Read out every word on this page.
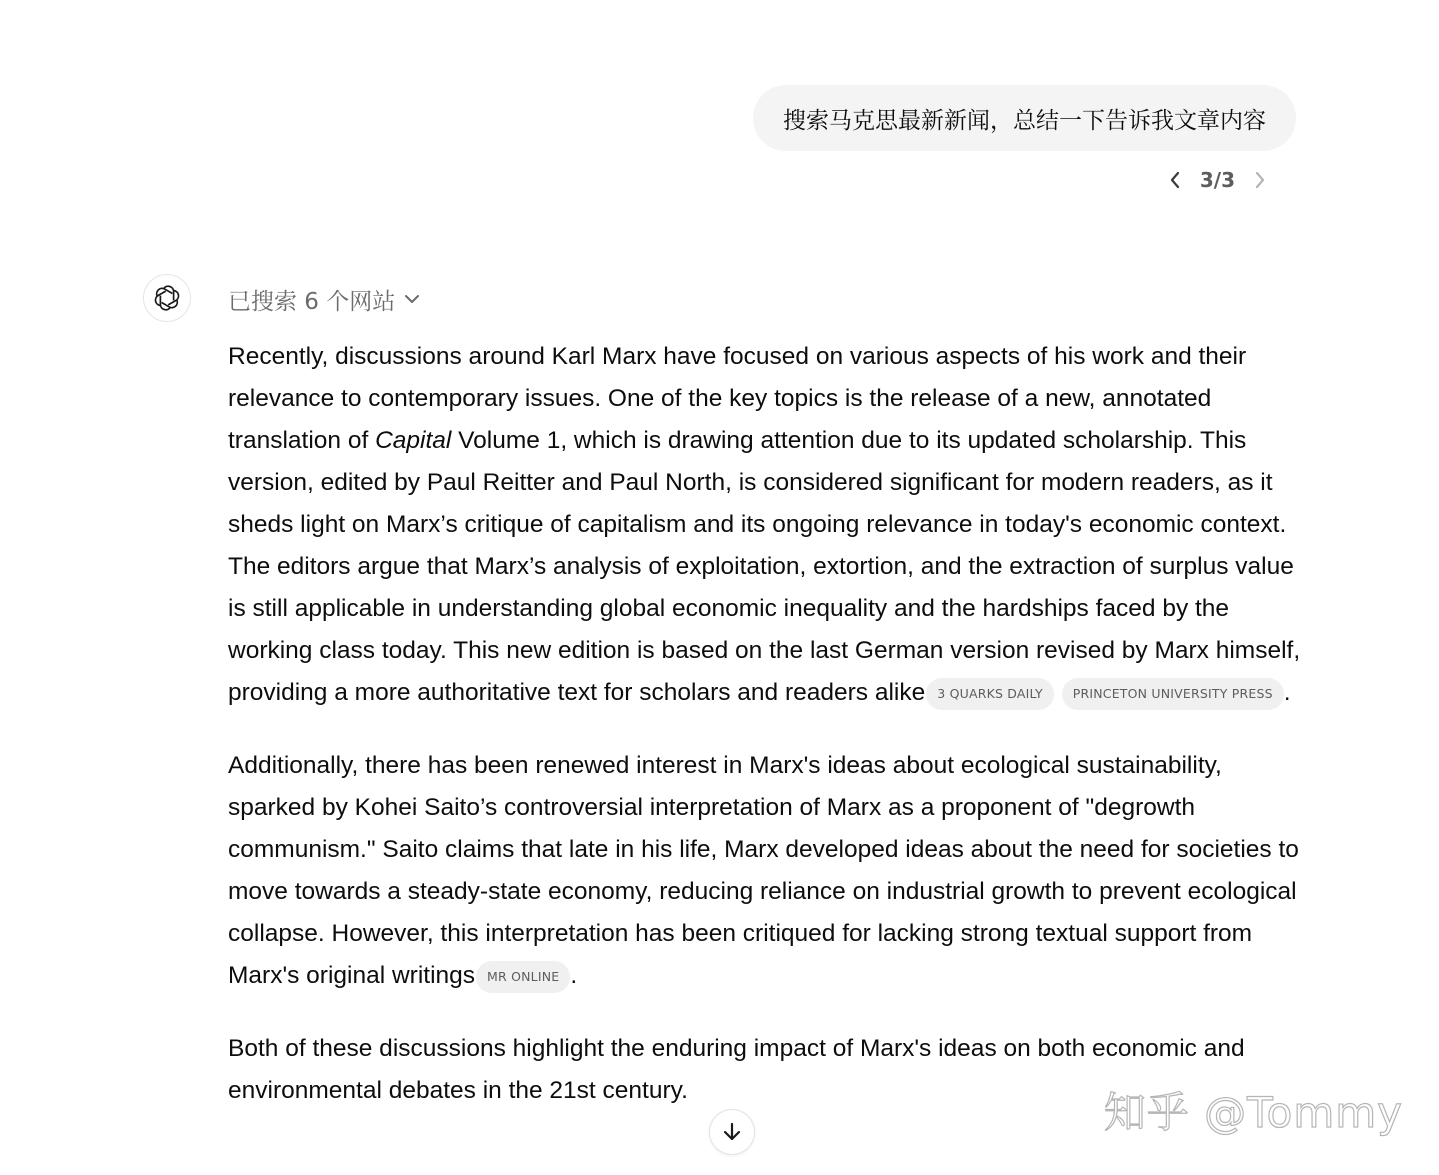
搜索马克思最新新闻，总结一下告诉我文章内容
3/3
已搜索 6 个网站

Recently, discussions around Karl Marx have focused on various aspects of his work and their relevance to contemporary issues. One of the key topics is the release of a new, annotated translation of Capital Volume 1, which is drawing attention due to its updated scholarship. This version, edited by Paul Reitter and Paul North, is considered significant for modern readers, as it sheds light on Marx’s critique of capitalism and its ongoing relevance in today's economic context. The editors argue that Marx’s analysis of exploitation, extortion, and the extraction of surplus value is still applicable in understanding global economic inequality and the hardships faced by the working class today. This new edition is based on the last German version revised by Marx himself, providing a more authoritative text for scholars and readers alike 3 QUARKS DAILY PRINCETON UNIVERSITY PRESS .

Additionally, there has been renewed interest in Marx's ideas about ecological sustainability, sparked by Kohei Saito’s controversial interpretation of Marx as a proponent of "degrowth communism." Saito claims that late in his life, Marx developed ideas about the need for societies to move towards a steady-state economy, reducing reliance on industrial growth to prevent ecological collapse. However, this interpretation has been critiqued for lacking strong textual support from Marx's original writings MR ONLINE .

Both of these discussions highlight the enduring impact of Marx's ideas on both economic and environmental debates in the 21st century.	知乎 @Tommy
